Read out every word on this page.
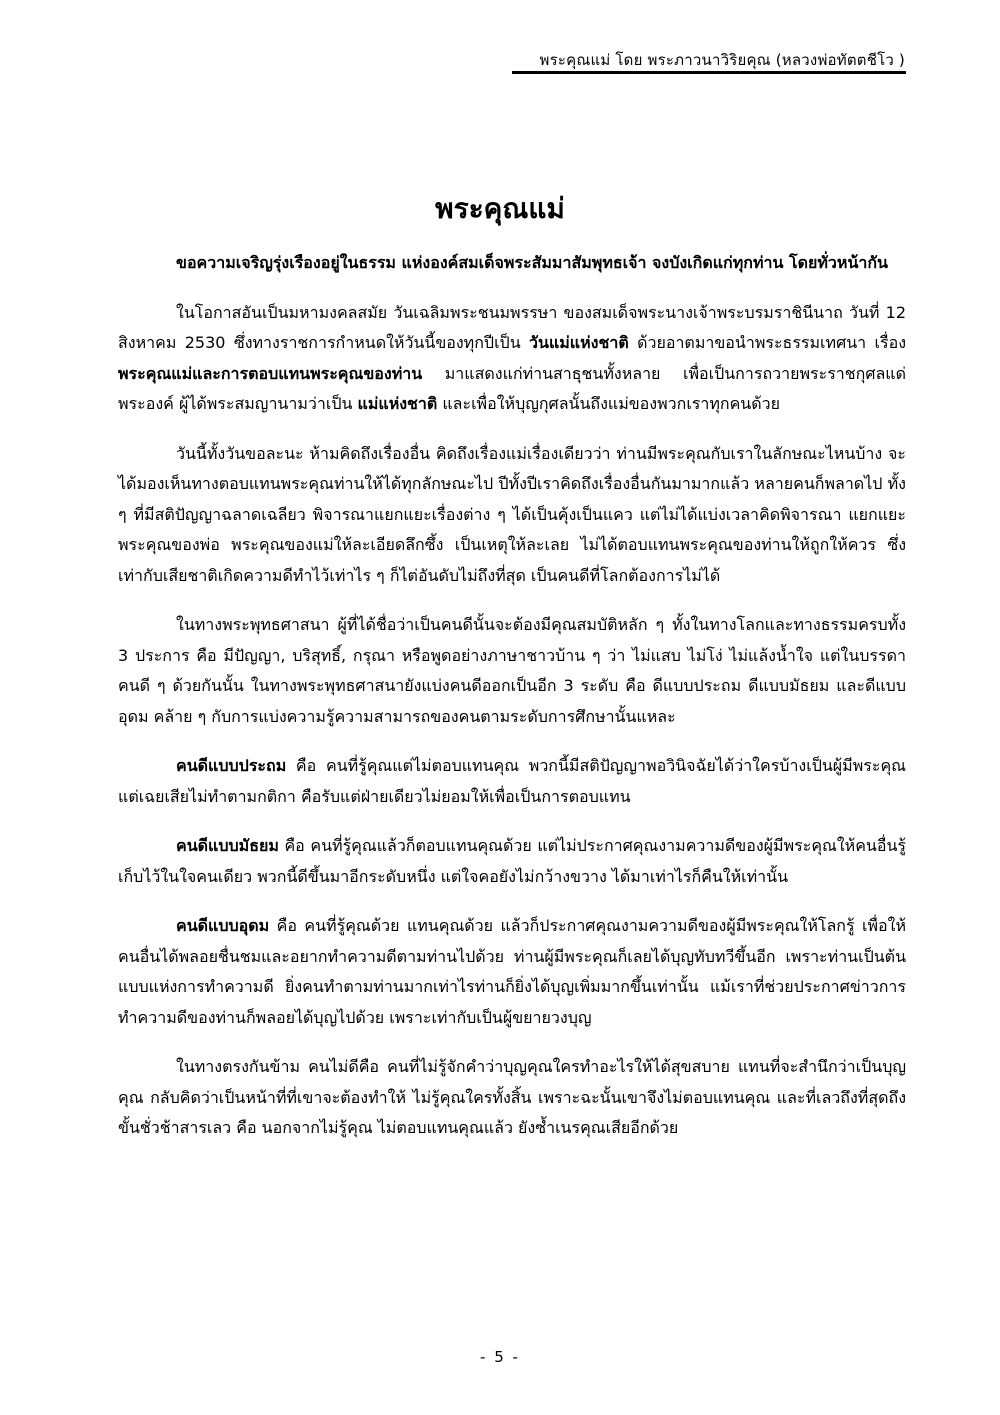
พระคุณแม่ โดย พระภาวนาวิริยคุณ (หลวงพ่อทัตตชีโว )
พระคุณแม่

ขอความเจริญรุ่งเรืองอยู่ในธรรม แห่งองค์สมเด็จพระสัมมาสัมพุทธเจ้า จงบังเกิดแก่ทุกท่าน โดยทั่วหน้ากัน

ในโอกาสอันเป็นมหามงคลสมัย วันเฉลิมพระชนมพรรษา ของสมเด็จพระนางเจ้าพระบรมราชินีนาถ วันที่ 12 สิงหาคม 2530 ซึ่งทางราชการกำหนดให้วันนี้ของทุกปีเป็น วันแม่แห่งชาติ ด้วยอาตมาขอนำพระธรรมเทศนา เรื่อง พระคุณแม่และการตอบแทนพระคุณของท่าน มาแสดงแก่ท่านสาธุชนทั้งหลาย เพื่อเป็นการถวายพระราชกุศลแด่พระองค์ ผู้ได้พระสมญานามว่าเป็น แม่แห่งชาติ และเพื่อให้บุญกุศลนั้นถึงแม่ของพวกเราทุกคนด้วย

วันนี้ทั้งวันขอละนะ ห้ามคิดถึงเรื่องอื่น คิดถึงเรื่องแม่เรื่องเดียวว่า ท่านมีพระคุณกับเราในลักษณะไหนบ้าง จะได้มองเห็นทางตอบแทนพระคุณท่านให้ได้ทุกลักษณะไป ปีทั้งปีเราคิดถึงเรื่องอื่นกันมามากแล้ว หลายคนก็พลาดไป ทั้ง ๆ ที่มีสติปัญญาฉลาดเฉลียว พิจารณาแยกแยะเรื่องต่าง ๆ ได้เป็นคุ้งเป็นแคว แต่ไม่ได้แบ่งเวลาคิดพิจารณา แยกแยะพระคุณของพ่อ พระคุณของแม่ให้ละเอียดลึกซึ้ง เป็นเหตุให้ละเลย ไม่ได้ตอบแทนพระคุณของท่านให้ถูกให้ควร ซึ่งเท่ากับเสียชาติเกิดความดีทำไว้เท่าไร ๆ ก็ไต่อันดับไม่ถึงที่สุด เป็นคนดีที่โลกต้องการไม่ได้

ในทางพระพุทธศาสนา ผู้ที่ได้ชื่อว่าเป็นคนดีนั้นจะต้องมีคุณสมบัติหลัก ๆ ทั้งในทางโลกและทางธรรมครบทั้ง 3 ประการ คือ มีปัญญา, บริสุทธิ์, กรุณา หรือพูดอย่างภาษาชาวบ้าน ๆ ว่า ไม่แสบ ไม่โง่ ไม่แล้งน้ำใจ แต่ในบรรดาคนดี ๆ ด้วยกันนั้น ในทางพระพุทธศาสนายังแบ่งคนดีออกเป็นอีก 3 ระดับ คือ ดีแบบประถม ดีแบบมัธยม และดีแบบอุดม คล้าย ๆ กับการแบ่งความรู้ความสามารถของคนตามระดับการศึกษานั้นแหละ

คนดีแบบประถม คือ คนที่รู้คุณแต่ไม่ตอบแทนคุณ พวกนี้มีสติปัญญาพอวินิจฉัยได้ว่าใครบ้างเป็นผู้มีพระคุณ แต่เฉยเสียไม่ทำตามกติกา คือรับแต่ฝ่ายเดียวไม่ยอมให้เพื่อเป็นการตอบแทน

คนดีแบบมัธยม คือ คนที่รู้คุณแล้วก็ตอบแทนคุณด้วย แต่ไม่ประกาศคุณงามความดีของผู้มีพระคุณให้คนอื่นรู้ เก็บไว้ในใจคนเดียว พวกนี้ดีขึ้นมาอีกระดับหนึ่ง แต่ใจคอยังไม่กว้างขวาง ได้มาเท่าไรก็คืนให้เท่านั้น

คนดีแบบอุดม คือ คนที่รู้คุณด้วย แทนคุณด้วย แล้วก็ประกาศคุณงามความดีของผู้มีพระคุณให้โลกรู้ เพื่อให้คนอื่นได้พลอยชื่นชมและอยากทำความดีตามท่านไปด้วย ท่านผู้มีพระคุณก็เลยได้บุญทับทวีขึ้นอีก เพราะท่านเป็นต้นแบบแห่งการทำความดี ยิ่งคนทำตามท่านมากเท่าไรท่านก็ยิ่งได้บุญเพิ่มมากขึ้นเท่านั้น แม้เราที่ช่วยประกาศข่าวการทำความดีของท่านก็พลอยได้บุญไปด้วย เพราะเท่ากับเป็นผู้ขยายวงบุญ

ในทางตรงกันข้าม คนไม่ดีคือ คนที่ไม่รู้จักคำว่าบุญคุณใครทำอะไรให้ได้สุขสบาย แทนที่จะสำนึกว่าเป็นบุญคุณ กลับคิดว่าเป็นหน้าที่ที่เขาจะต้องทำให้ ไม่รู้คุณใครทั้งสิ้น เพราะฉะนั้นเขาจึงไม่ตอบแทนคุณ และที่เลวถึงที่สุดถึงขั้นชั่วช้าสารเลว คือ นอกจากไม่รู้คุณ ไม่ตอบแทนคุณแล้ว ยังซ้ำเนรคุณเสียอีกด้วย

- 5 -
